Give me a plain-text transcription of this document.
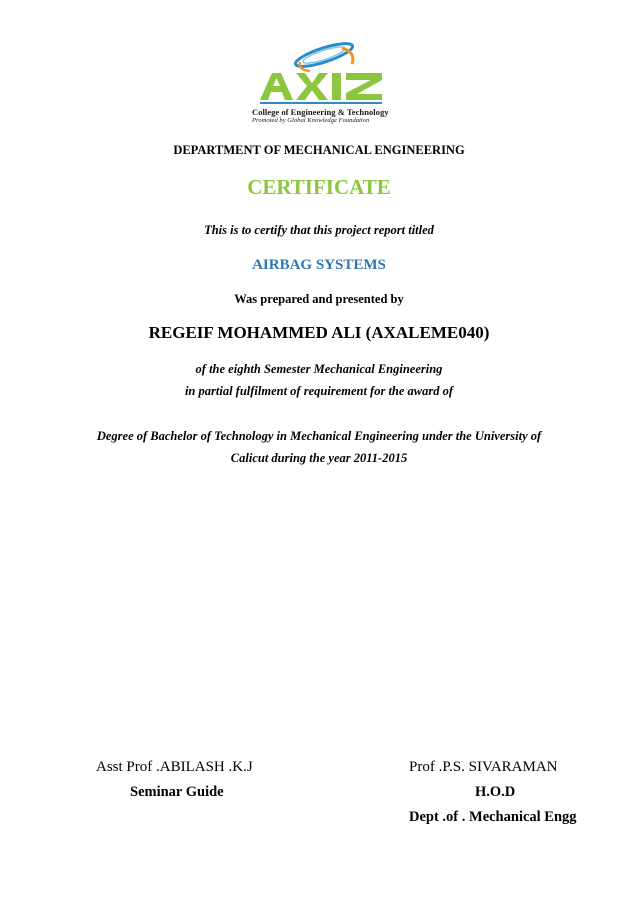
College of Engineering & Technology
Promoted by Global Knowledge Foundation
DEPARTMENT OF MECHANICAL ENGINEERING
CERTIFICATE
This is to certify that this project report titled
AIRBAG SYSTEMS
Was prepared and presented by
REGEIF MOHAMMED ALI (AXALEME040)
of the eighth Semester Mechanical Engineering
in partial fulfilment of requirement for the award of
Degree of Bachelor of Technology in Mechanical Engineering under the University of
Calicut during the year 2011-2015
Asst Prof .ABILASH .K.J
Seminar Guide
Prof .P.S. SIVARAMAN
H.O.D
Dept .of . Mechanical Engg
